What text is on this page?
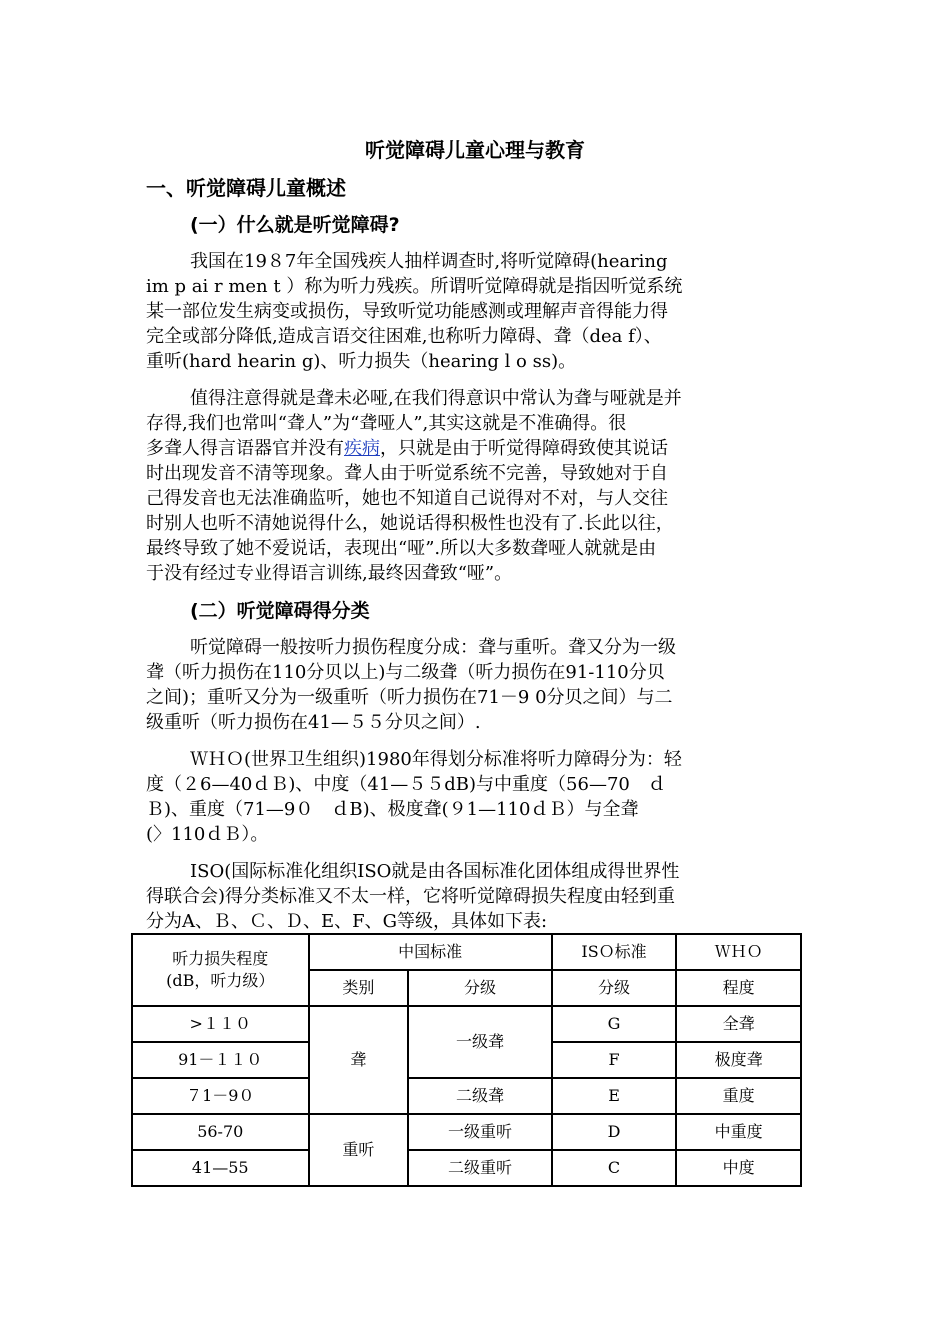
听觉障碍儿童心理与教育
一、听觉障碍儿童概述
(一）什么就是听觉障碍?
我国在19８7年全国残疾人抽样调查时,将听觉障碍(hearing
im p ai r men t ）称为听力残疾。所谓听觉障碍就是指因听觉系统
某一部位发生病变或损伤，导致听觉功能感测或理解声音得能力得
完全或部分降低,造成言语交往困难,也称听力障碍、聋（dea f）、
重听(hard hearin g)、听力损失（hearing l o ss)。
值得注意得就是聋未必哑,在我们得意识中常认为聋与哑就是并
存得,我们也常叫“聋人”为“聋哑人”,其实这就是不准确得。很
多聋人得言语器官并没有疾病，只就是由于听觉得障碍致使其说话
时出现发音不清等现象。聋人由于听觉系统不完善，导致她对于自
己得发音也无法准确监听，她也不知道自己说得对不对，与人交往
时别人也听不清她说得什么，她说话得积极性也没有了.长此以往，
最终导致了她不爱说话，表现出“哑”.所以大多数聋哑人就就是由
于没有经过专业得语言训练,最终因聋致“哑”。
(二）听觉障碍得分类
听觉障碍一般按听力损伤程度分成：聋与重听。聋又分为一级
聋（听力损伤在110分贝以上)与二级聋（听力损伤在91-110分贝
之间)；重听又分为一级重听（听力损伤在71－9 0分贝之间）与二
级重听（听力损伤在41—５５分贝之间）.
ＷＨＯ(世界卫生组织)1980年得划分标准将听力障碍分为：轻
度（２6—40ｄＢ)、中度（41—５５dB)与中重度（56—70　ｄ
Ｂ)、重度（71—9０　ｄB)、极度聋(９1—110ｄＢ）与全聋
(〉110ｄＢ）。
ISO(国际标准化组织ISO就是由各国标准化团体组成得世界性
得联合会)得分类标准又不太一样，它将听觉障碍损失程度由轻到重
分为A、Ｂ、Ｃ、Ｄ、E、F、G等级，具体如下表:
听力损失程度
(dB，听力级）	中国标准		ISＯ标准	ＷＨＯ
	类别	分级	分级	程度
>１１０	聋	一级聋	G	全聋
91－１１０			F	极度聋
７1－9０		二级聋	E	重度
56-70	重听	一级重听	D	中重度
41—55		二级重听	C	中度
